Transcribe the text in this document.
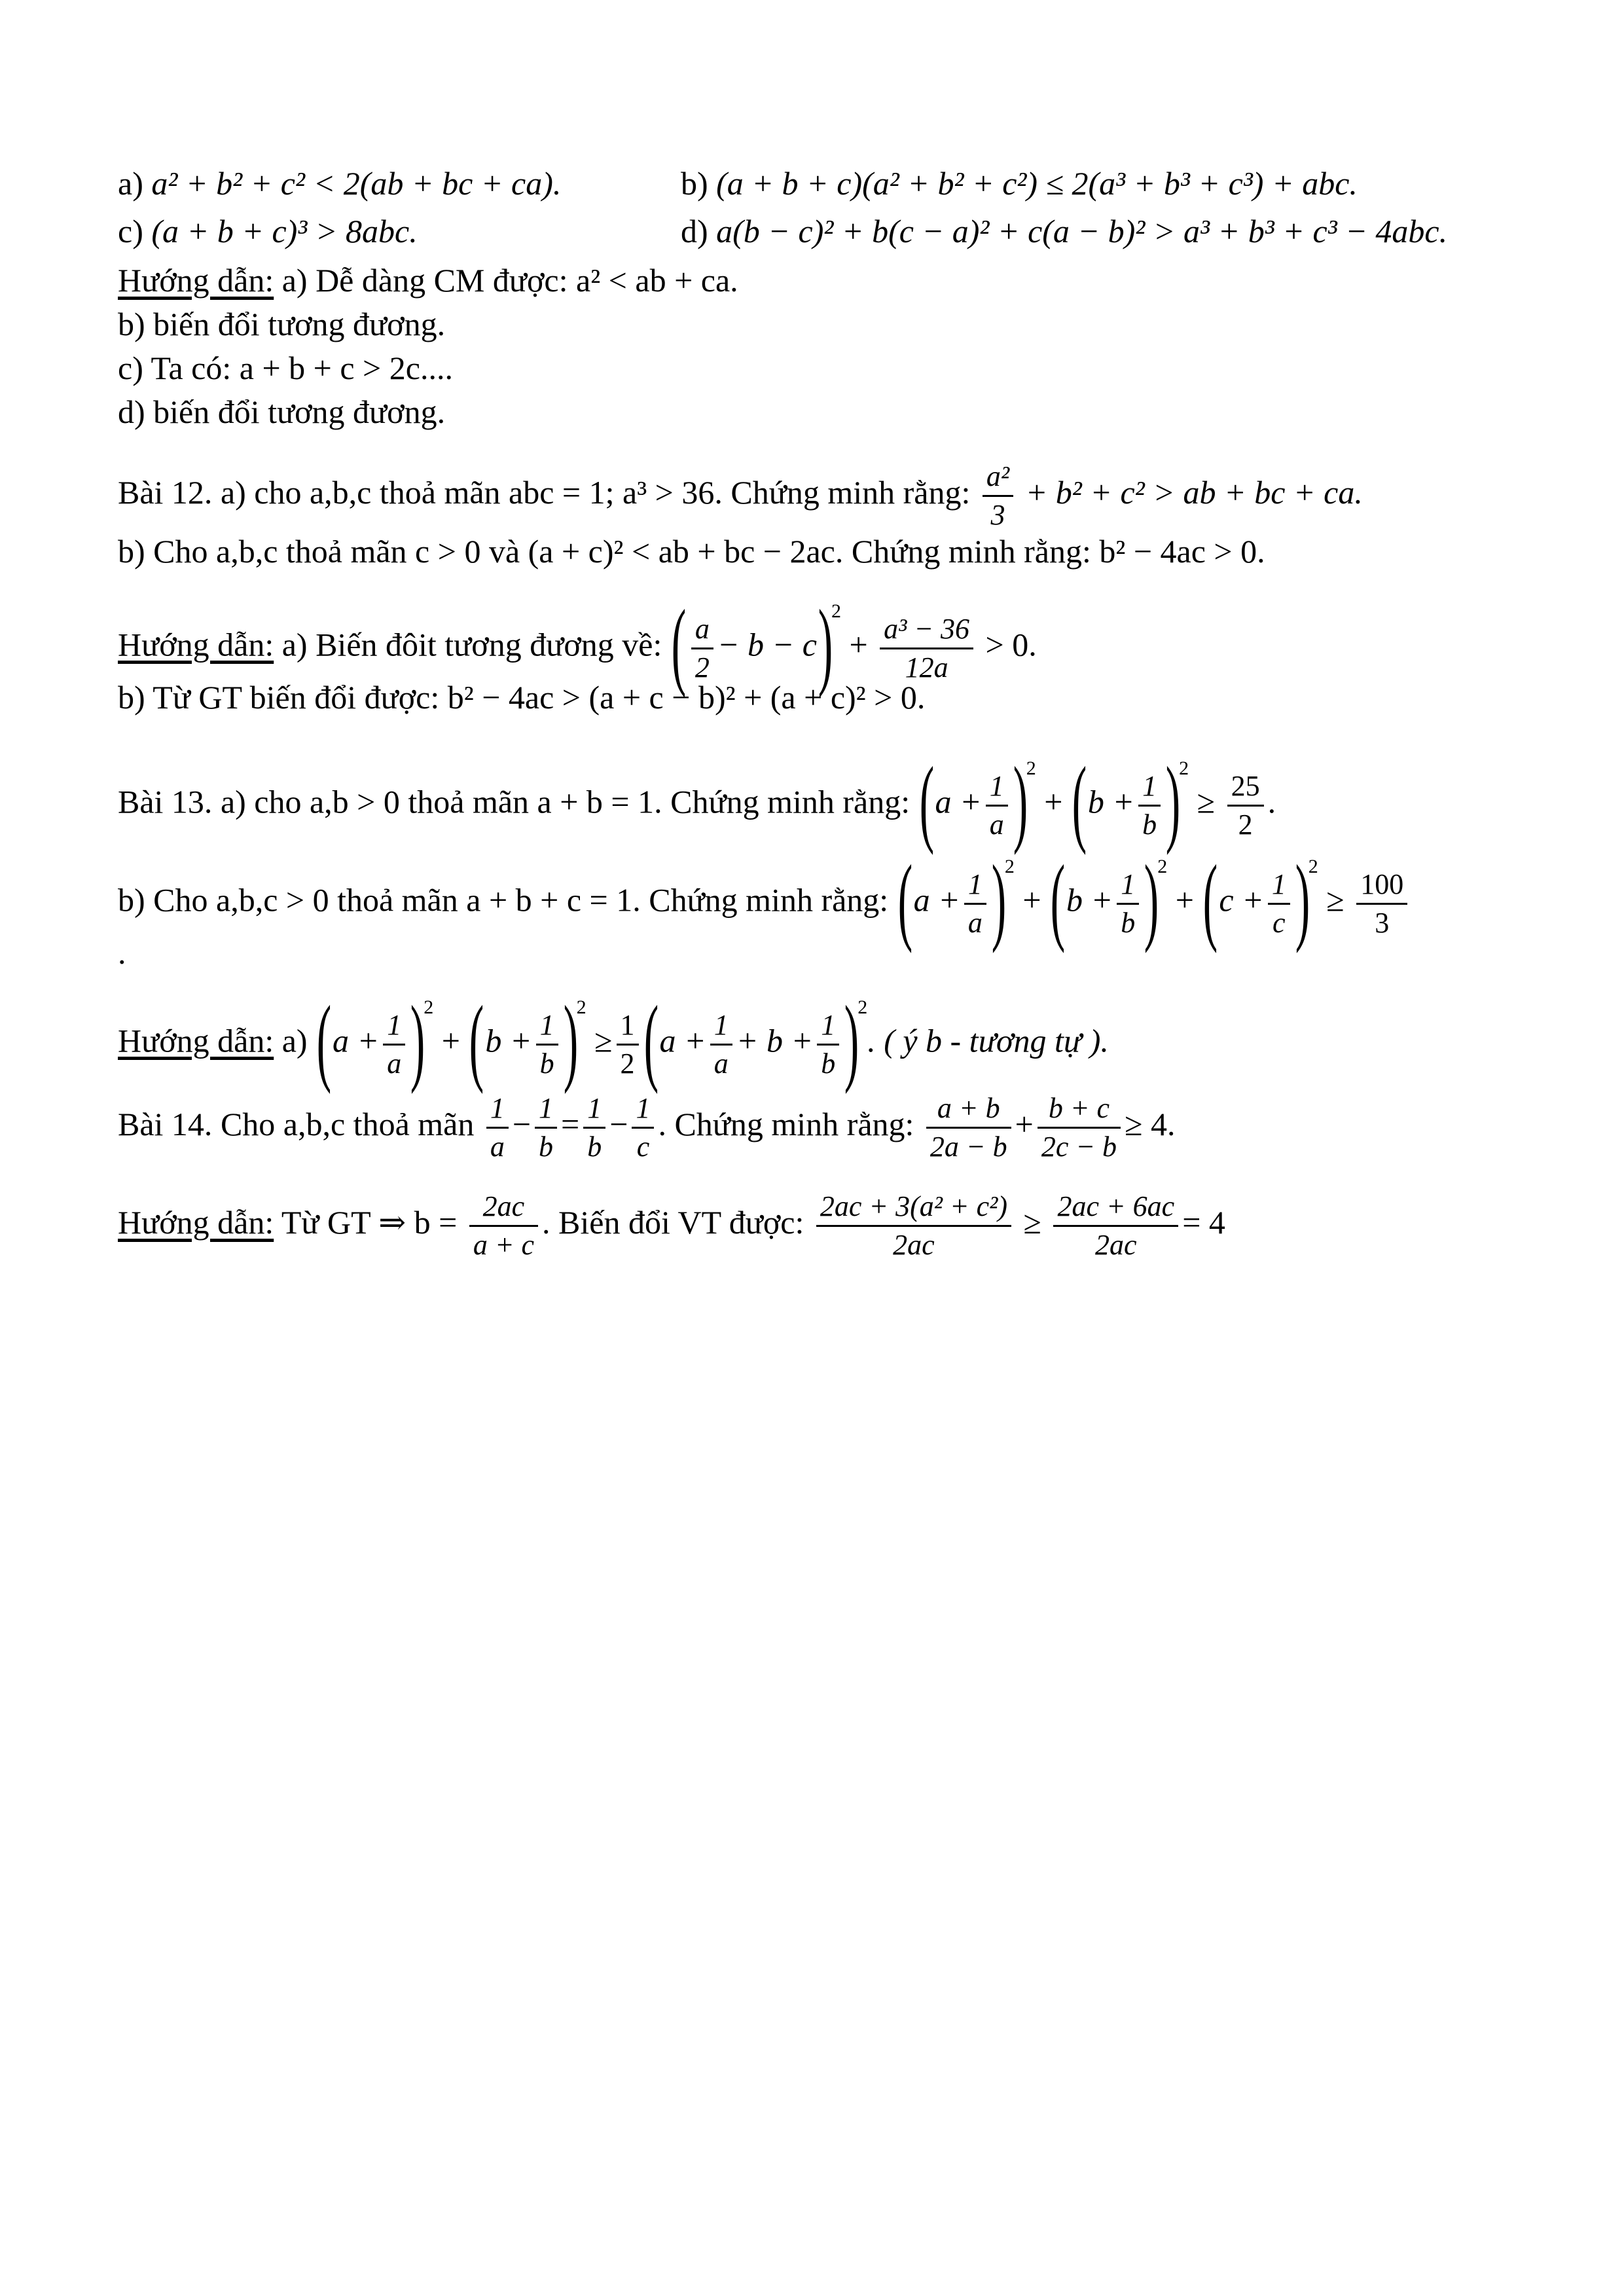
a) a² + b² + c² < 2(ab + bc + ca).	b) (a + b + c)(a² + b² + c²) ≤ 2(a³ + b³ + c³) + abc.
c) (a + b + c)³ > 8abc.	d) a(b − c)² + b(c − a)² + c(a − b)² > a³ + b³ + c³ − 4abc.
Hướng dẫn: a) Dễ dàng CM được: a² < ab + ca.
b) biến đổi tương đương.
c) Ta có: a + b + c > 2c....
d) biến đổi tương đương.
Bài 12. a) cho a,b,c thoả mãn abc = 1; a³ > 36. Chứng minh rằng: $\frac{\text{a²}}{3} + b^2 + c^2$ > ab + bc + ca.
b) Cho a,b,c thoả mãn c > 0 và (a + c)² < ab + bc − 2ac. Chứng minh rằng: b² − 4ac > 0.
Hướng dẫn: a) Biến đôit tương đương về: ( $\frac{a}{2} - b - c)^2 + \frac{\text{a³ − 36}}{12a} > 0$.
b) Từ GT biến đổi được: b² − 4ac > (a + c − b)² + (a + c)² > 0.
Bài 13. a) cho a,b > 0 thoả mãn a + b = 1. Chứng minh rằng: $(a + \frac{1}{a} )^2 + (b + \frac{1}{b} )^2 \ge \frac{25}{2}$ .
b) Cho a,b,c > 0 thoả mãn a + b + c = 1. Chứng minh rằng: $(a + \frac{1}{a} )^2 + (b + \frac{1}{b} )^2 + (c + \frac{1}{c} )^2 \ge \frac{100}{3}$
.
Hướng dẫn: a) $(a + \frac{1}{a} )^2 + (b + \frac{1}{b} )^2 \ge \frac{1}{2} (a + \frac{1}{a} + b + \frac{1}{b} )^2$. ( ý b - tương tự ).
Bài 14. Cho a,b,c thoả mãn $\frac{1}{a} - \frac{1}{b} = \frac{1}{b} - \frac{1}{c}$ . Chứng minh rằng: $\frac{a + b}{2a - b} + \frac{b + c}{2c - b} \ge 4$.
Hướng dẫn: Từ GT ⇒ $b = \frac{2ac}{a + c}$ . Biến đổi VT được: $\frac{\text{2ac + 3(a² + c²)}}{2ac} \ge \frac{2ac + 6ac}{2ac} = 4$
